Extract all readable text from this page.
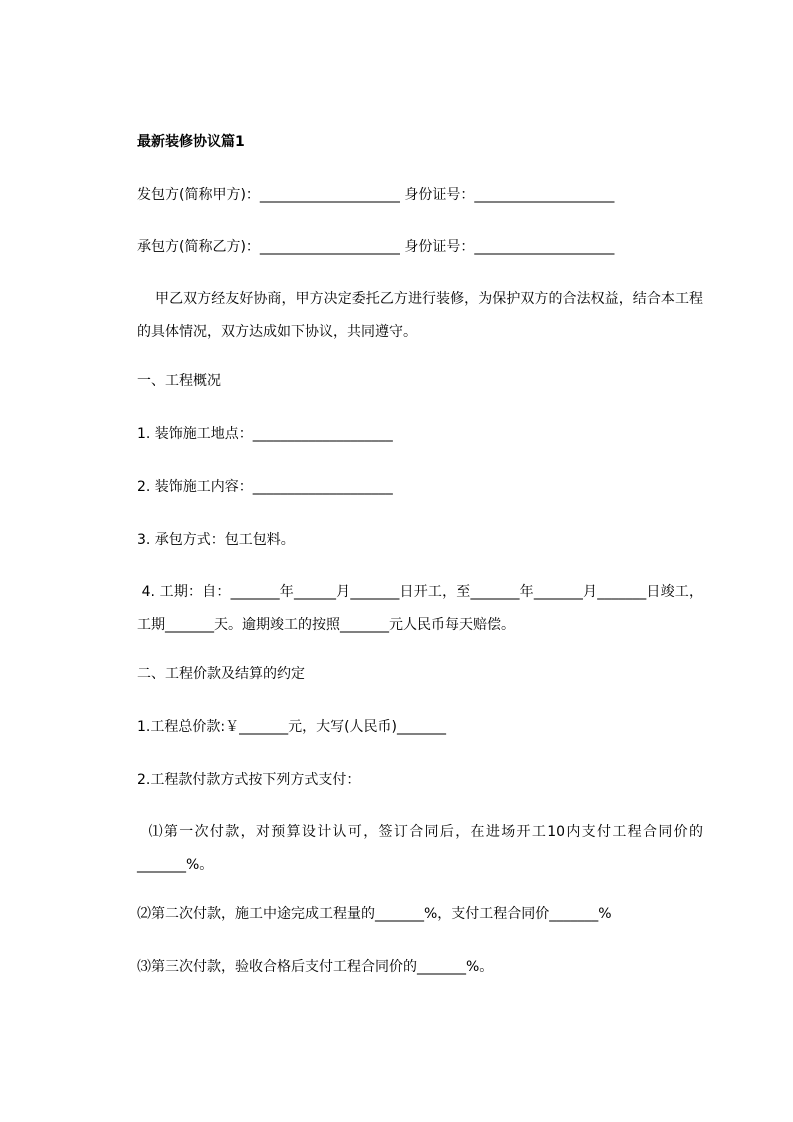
最新装修协议篇1
发包方(简称甲方)：____________________ 身份证号：____________________
承包方(简称乙方)：____________________ 身份证号：____________________
甲乙双方经友好协商，甲方决定委托乙方进行装修，为保护双方的合法权益，结合本工程的具体情况，双方达成如下协议，共同遵守。
一、工程概况
1. 装饰施工地点：____________________
2. 装饰施工内容：____________________
3. 承包方式：包工包料。
4. 工期：自：_______年______月_______日开工，至_______年_______月_______日竣工，工期_______天。逾期竣工的按照_______元人民币每天赔偿。
二、工程价款及结算的约定
1.工程总价款:￥_______元，大写(人民币)_______
2.工程款付款方式按下列方式支付：
⑴第一次付款，对预算设计认可，签订合同后，在进场开工10内支付工程合同价的_______%。
⑵第二次付款，施工中途完成工程量的_______%，支付工程合同价_______%
⑶第三次付款，验收合格后支付工程合同价的_______%。
